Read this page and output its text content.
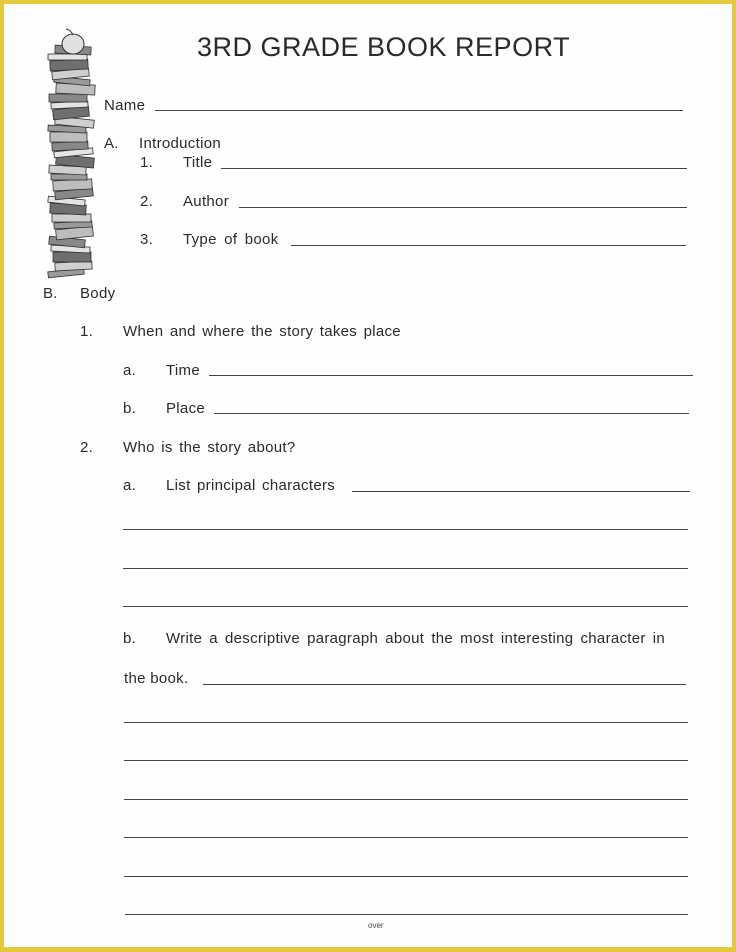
3RD GRADE BOOK REPORT
Name
A. Introduction
1. Title
2. Author
3. Type of book
B. Body
1. When and where the story takes place
a. Time
b. Place
2. Who is the story about?
a. List principal characters
b. Write a descriptive paragraph about the most interesting character in
the book.
over
